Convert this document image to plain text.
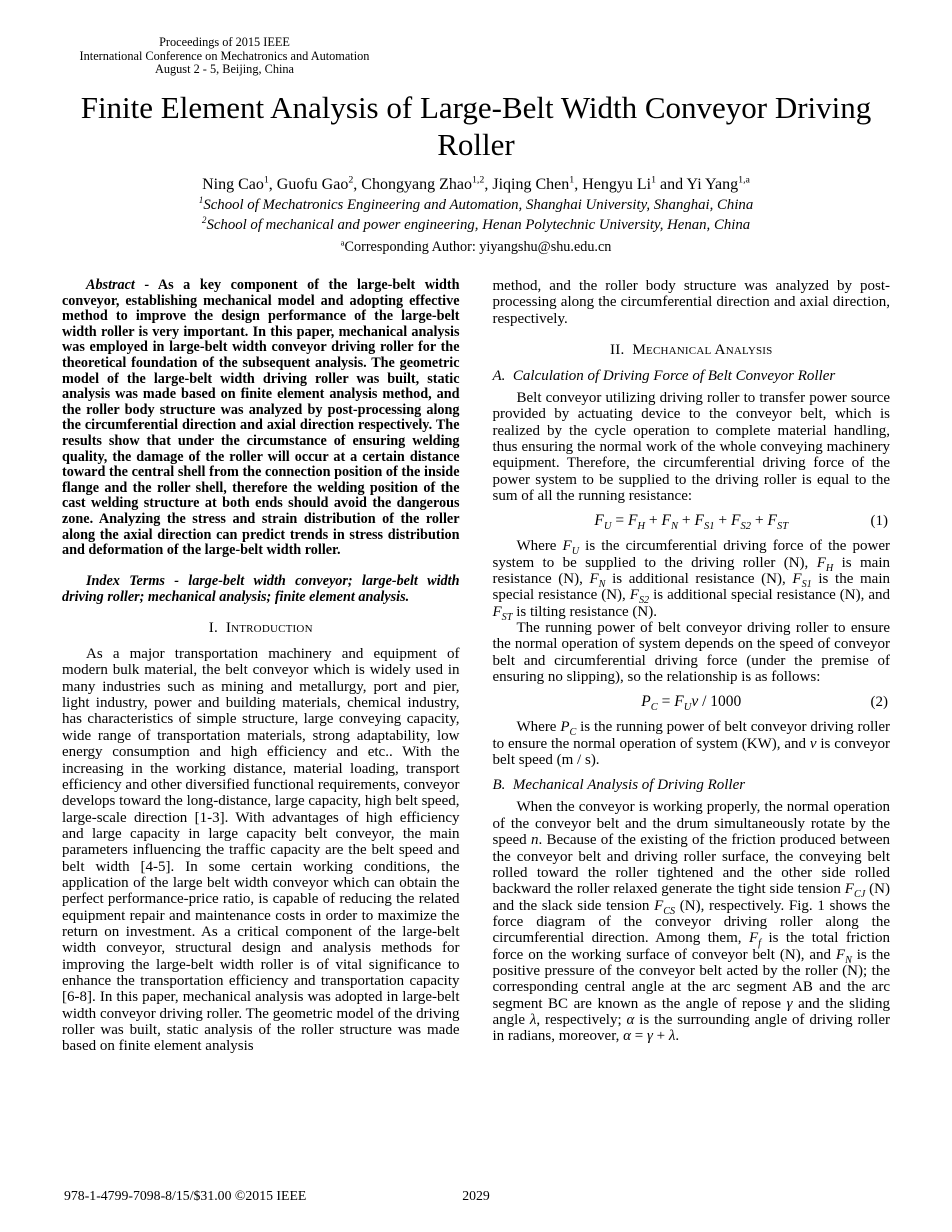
Proceedings of 2015 IEEE
International Conference on Mechatronics and Automation
August 2 - 5, Beijing, China
Finite Element Analysis of Large-Belt Width Conveyor Driving Roller
Ning Cao$^1$, Guofu Gao$^2$, Chongyang Zhao$^{1,2}$, Jiqing Chen$^1$, Hengyu Li$^1$ and Yi Yang$^{1,a}$
$^1$School of Mechatronics Engineering and Automation, Shanghai University, Shanghai, China
$^2$School of mechanical and power engineering, Henan Polytechnic University, Henan, China
$^a$Corresponding Author: yiyangshu@shu.edu.cn

Abstract - As a key component of the large-belt width conveyor, establishing mechanical model and adopting effective method to improve the design performance of the large-belt width roller is very important. In this paper, mechanical analysis was employed in large-belt width conveyor driving roller for the theoretical foundation of the subsequent analysis. The geometric model of the large-belt width driving roller was built, static analysis was made based on finite element analysis method, and the roller body structure was analyzed by post-processing along the circumferential direction and axial direction respectively. The results show that under the circumstance of ensuring welding quality, the damage of the roller will occur at a certain distance toward the central shell from the connection position of the inside flange and the roller shell, therefore the welding position of the cast welding structure at both ends should avoid the dangerous zone. Analyzing the stress and strain distribution of the roller along the axial direction can predict trends in stress distribution and deformation of the large-belt width roller.

Index Terms - large-belt width conveyor; large-belt width driving roller; mechanical analysis; finite element analysis.

I. Introduction

As a major transportation machinery and equipment of modern bulk material, the belt conveyor which is widely used in many industries such as mining and metallurgy, port and pier, light industry, power and building materials, chemical industry, has characteristics of simple structure, large conveying capacity, wide range of transportation materials, strong adaptability, low energy consumption and high efficiency and etc.. With the increasing in the working distance, material loading, transport efficiency and other diversified functional requirements, conveyor develops toward the long-distance, large capacity, high belt speed, large-scale direction [1-3]. With advantages of high efficiency and large capacity in large capacity belt conveyor, the main parameters influencing the traffic capacity are the belt speed and belt width [4-5]. In some certain working conditions, the application of the large belt width conveyor which can obtain the perfect performance-price ratio, is capable of reducing the related equipment repair and maintenance costs in order to maximize the return on investment. As a critical component of the large-belt width conveyor, structural design and analysis methods for improving the large-belt width roller is of vital significance to enhance the transportation efficiency and transportation capacity [6-8]. In this paper, mechanical analysis was adopted in large-belt width conveyor driving roller. The geometric model of the driving roller was built, static analysis of the roller structure was made based on finite element analysis

method, and the roller body structure was analyzed by post-processing along the circumferential direction and axial direction, respectively.

II. Mechanical Analysis
A. Calculation of Driving Force of Belt Conveyor Roller

Belt conveyor utilizing driving roller to transfer power source provided by actuating device to the conveyor belt, which is realized by the cycle operation to complete material handling, thus ensuring the normal work of the whole conveying machinery equipment. Therefore, the circumferential driving force of the power system to be supplied to the driving roller is equal to the sum of all the running resistance:

$F_U = F_H + F_N + F_{S1} + F_{S2} + F_{ST}$	(1)

Where $F_U$ is the circumferential driving force of the power system to be supplied to the driving roller (N), $F_H$ is main resistance (N), $F_N$ is additional resistance (N), $F_{S1}$ is the main special resistance (N), $F_{S2}$ is additional special resistance (N), and $F_{ST}$ is tilting resistance (N).

The running power of belt conveyor driving roller to ensure the normal operation of system depends on the speed of conveyor belt and circumferential driving force (under the premise of ensuring no slipping), so the relationship is as follows:

$P_C = F_U\nu / 1000$	(2)

Where $P_C$ is the running power of belt conveyor driving roller to ensure the normal operation of system (KW), and ν is conveyor belt speed (m / s).

B. Mechanical Analysis of Driving Roller

When the conveyor is working properly, the normal operation of the conveyor belt and the drum simultaneously rotate by the speed n. Because of the existing of the friction produced between the conveyor belt and driving roller surface, the conveying belt rolled toward the roller tightened and the other side rolled backward the roller relaxed generate the tight side tension $F_{CJ}$ (N) and the slack side tension $F_{CS}$ (N), respectively. Fig. 1 shows the force diagram of the conveyor driving roller along the circumferential direction. Among them, $F_f$ is the total friction force on the working surface of conveyor belt (N), and $F_N$ is the positive pressure of the conveyor belt acted by the roller (N); the corresponding central angle at the arc segment AB and the arc segment BC are known as the angle of repose γ and the sliding angle λ, respectively; α is the surrounding angle of driving roller in radians, moreover, α = γ + λ.

978-1-4799-7098-8/15/$31.00 ©2015 IEEE	2029
